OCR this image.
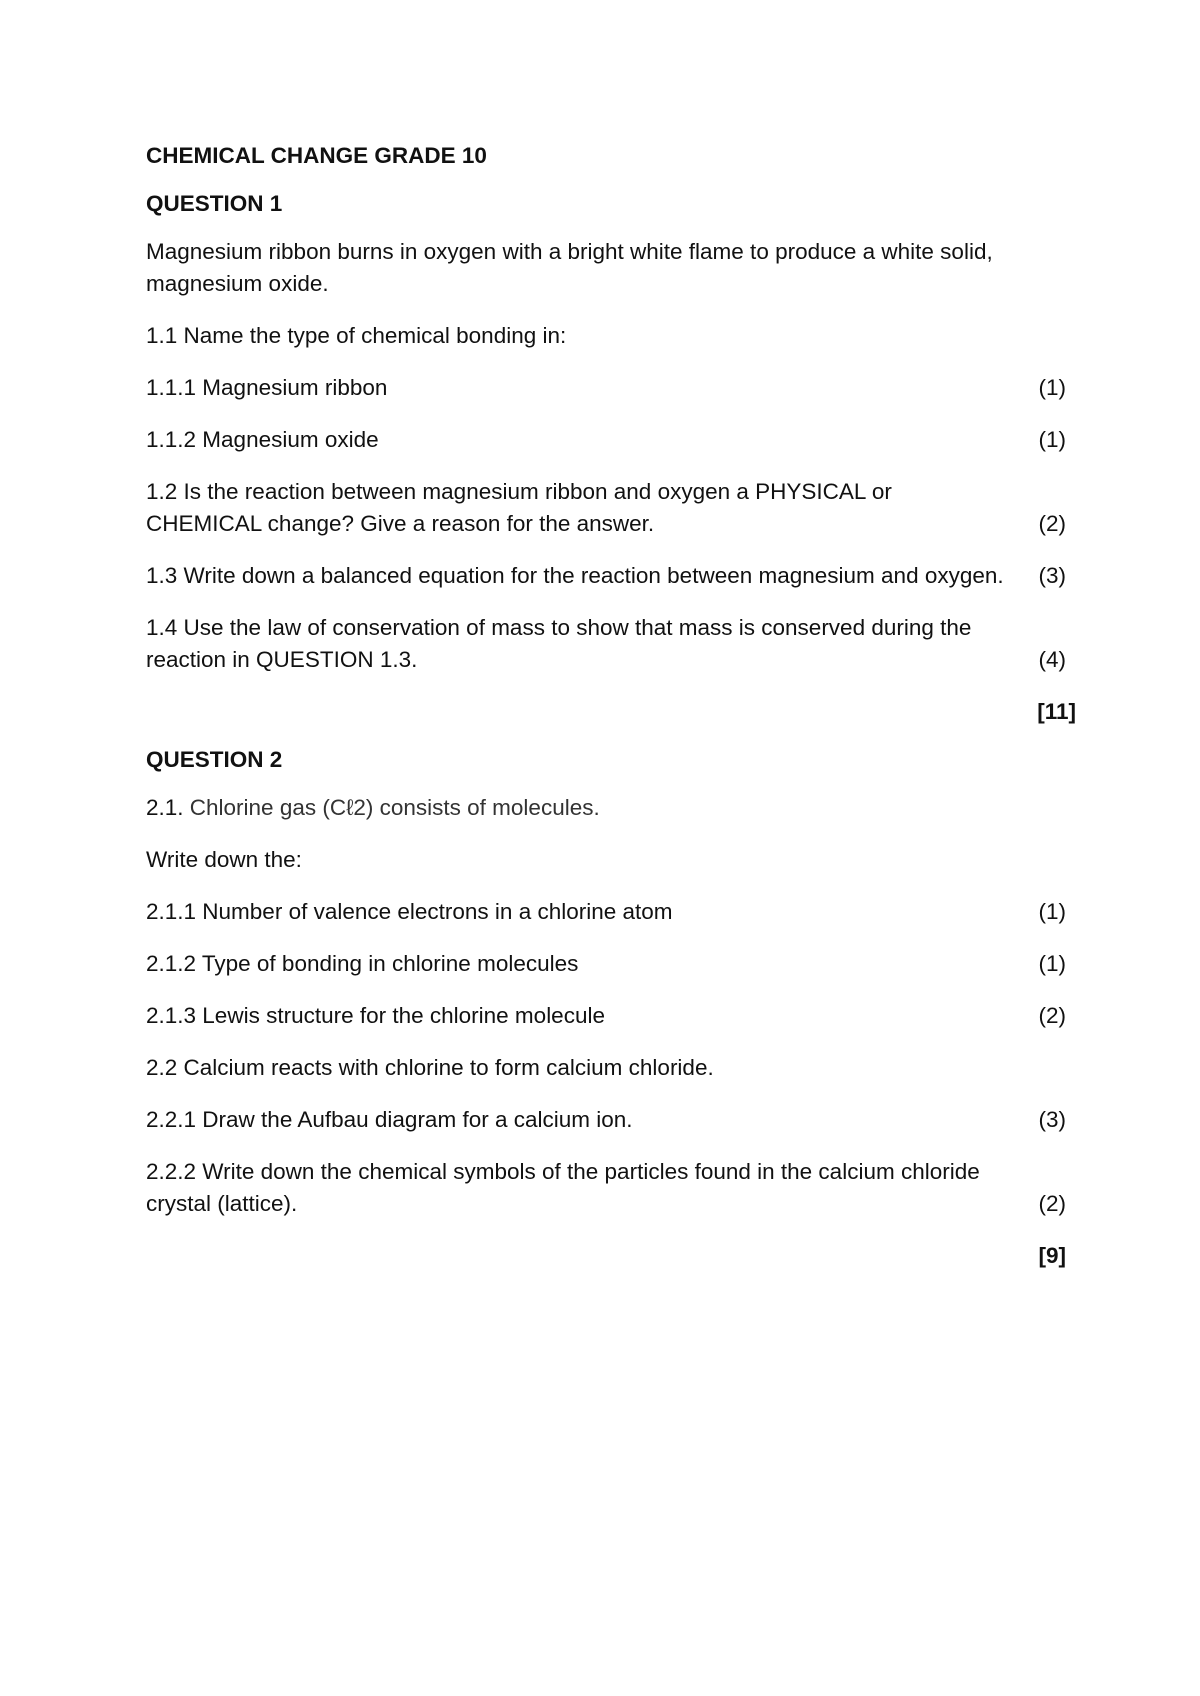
CHEMICAL CHANGE GRADE 10
QUESTION 1
Magnesium ribbon burns in oxygen with a bright white flame to produce a white solid, magnesium oxide.
1.1 Name the type of chemical bonding in:
1.1.1 Magnesium ribbon	(1)
1.1.2 Magnesium oxide	(1)
1.2 Is the reaction between magnesium ribbon and oxygen a PHYSICAL or CHEMICAL change? Give a reason for the answer.	(2)
1.3 Write down a balanced equation for the reaction between magnesium and oxygen. (3)
1.4 Use the law of conservation of mass to show that mass is conserved during the reaction in QUESTION 1.3.	(4)
[11]
QUESTION 2
2.1. Chlorine gas (Cℓ2) consists of molecules.
Write down the:
2.1.1 Number of valence electrons in a chlorine atom	(1)
2.1.2 Type of bonding in chlorine molecules	(1)
2.1.3 Lewis structure for the chlorine molecule	(2)
2.2 Calcium reacts with chlorine to form calcium chloride.
2.2.1 Draw the Aufbau diagram for a calcium ion.	(3)
2.2.2 Write down the chemical symbols of the particles found in the calcium chloride crystal (lattice).	(2)
[9]
